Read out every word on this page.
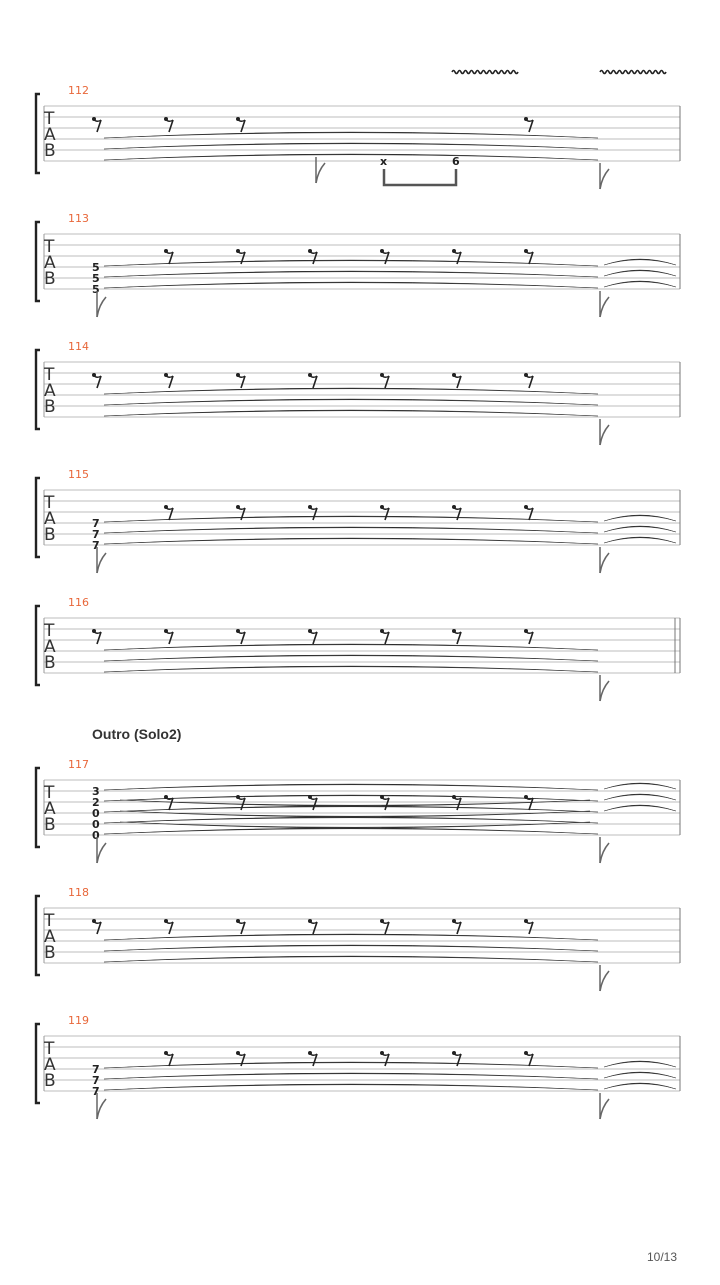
112
T
A
B
x	6
113
T
A
B
5
5
5
114
T
A
B
115
T
A
B
7
7
7
116
T
A
B
117
T
A
B
3
2
0
0
0
118
T
A
B
119
T
A
B
7
7
7
Outro (Solo2)
10/13
